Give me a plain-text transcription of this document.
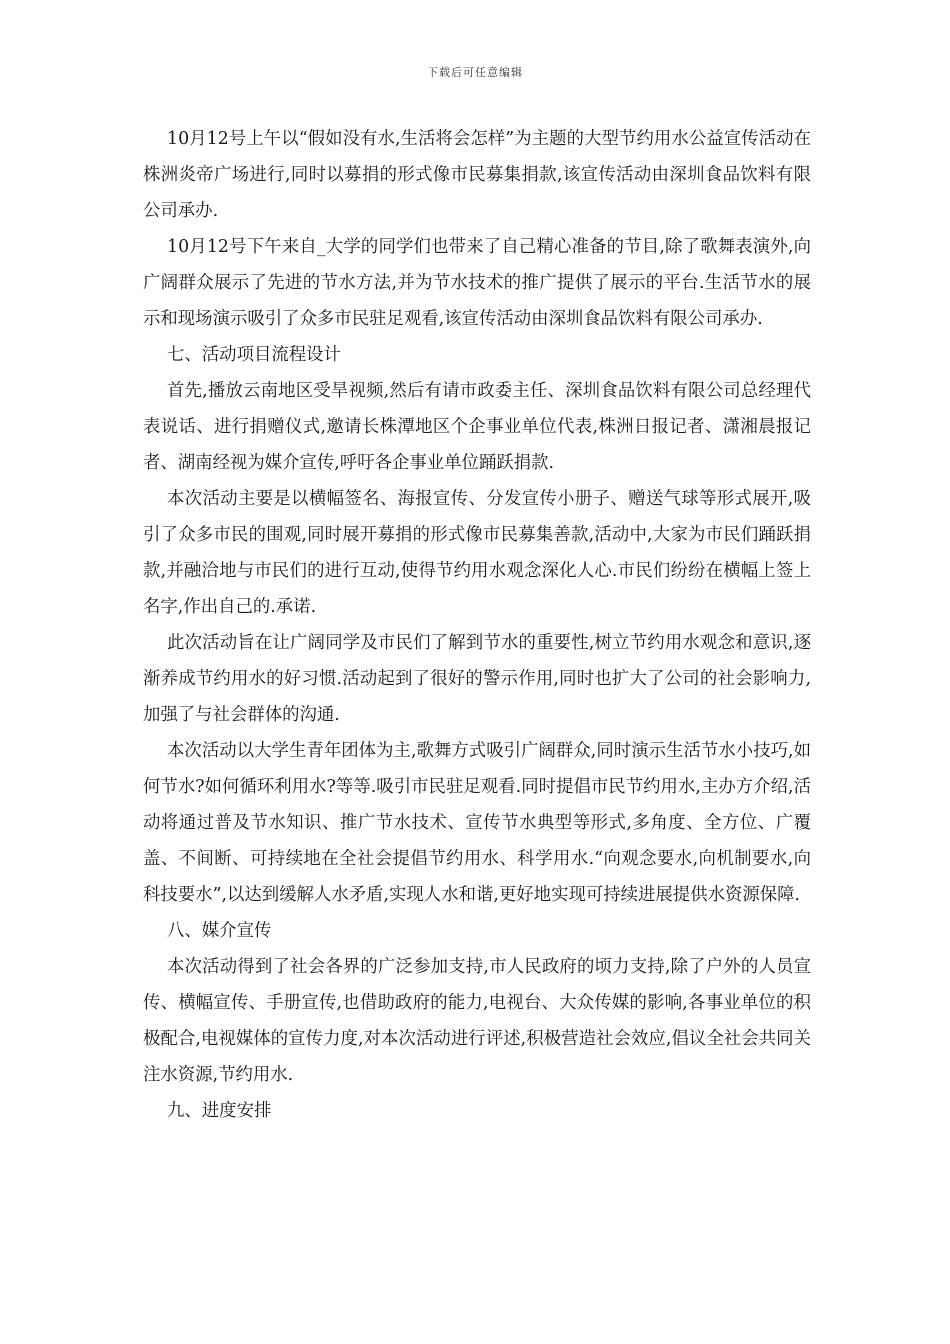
下载后可任意编辑

10月12号上午以“假如没有水,生活将会怎样”为主题的大型节约用水公益宣传活动在株洲炎帝广场进行,同时以募捐的形式像市民募集捐款,该宣传活动由深圳食品饮料有限公司承办.

10月12号下午来自_大学的同学们也带来了自己精心准备的节目,除了歌舞表演外,向广阔群众展示了先进的节水方法,并为节水技术的推广提供了展示的平台.生活节水的展示和现场演示吸引了众多市民驻足观看,该宣传活动由深圳食品饮料有限公司承办.

七、活动项目流程设计

首先,播放云南地区受旱视频,然后有请市政委主任、深圳食品饮料有限公司总经理代表说话、进行捐赠仪式,邀请长株潭地区个企事业单位代表,株洲日报记者、潇湘晨报记者、湖南经视为媒介宣传,呼吁各企事业单位踊跃捐款.

本次活动主要是以横幅签名、海报宣传、分发宣传小册子、赠送气球等形式展开,吸引了众多市民的围观,同时展开募捐的形式像市民募集善款,活动中,大家为市民们踊跃捐款,并融洽地与市民们的进行互动,使得节约用水观念深化人心.市民们纷纷在横幅上签上名字,作出自己的.承诺.

此次活动旨在让广阔同学及市民们了解到节水的重要性,树立节约用水观念和意识,逐渐养成节约用水的好习惯.活动起到了很好的警示作用,同时也扩大了公司的社会影响力,加强了与社会群体的沟通.

本次活动以大学生青年团体为主,歌舞方式吸引广阔群众,同时演示生活节水小技巧,如何节水?如何循环利用水?等等.吸引市民驻足观看.同时提倡市民节约用水,主办方介绍,活动将通过普及节水知识、推广节水技术、宣传节水典型等形式,多角度、全方位、广覆盖、不间断、可持续地在全社会提倡节约用水、科学用水.“向观念要水,向机制要水,向科技要水”,以达到缓解人水矛盾,实现人水和谐,更好地实现可持续进展提供水资源保障.

八、媒介宣传

本次活动得到了社会各界的广泛参加支持,市人民政府的顷力支持,除了户外的人员宣传、横幅宣传、手册宣传,也借助政府的能力,电视台、大众传媒的影响,各事业单位的积极配合,电视媒体的宣传力度,对本次活动进行评述,积极营造社会效应,倡议全社会共同关注水资源,节约用水.

九、进度安排
